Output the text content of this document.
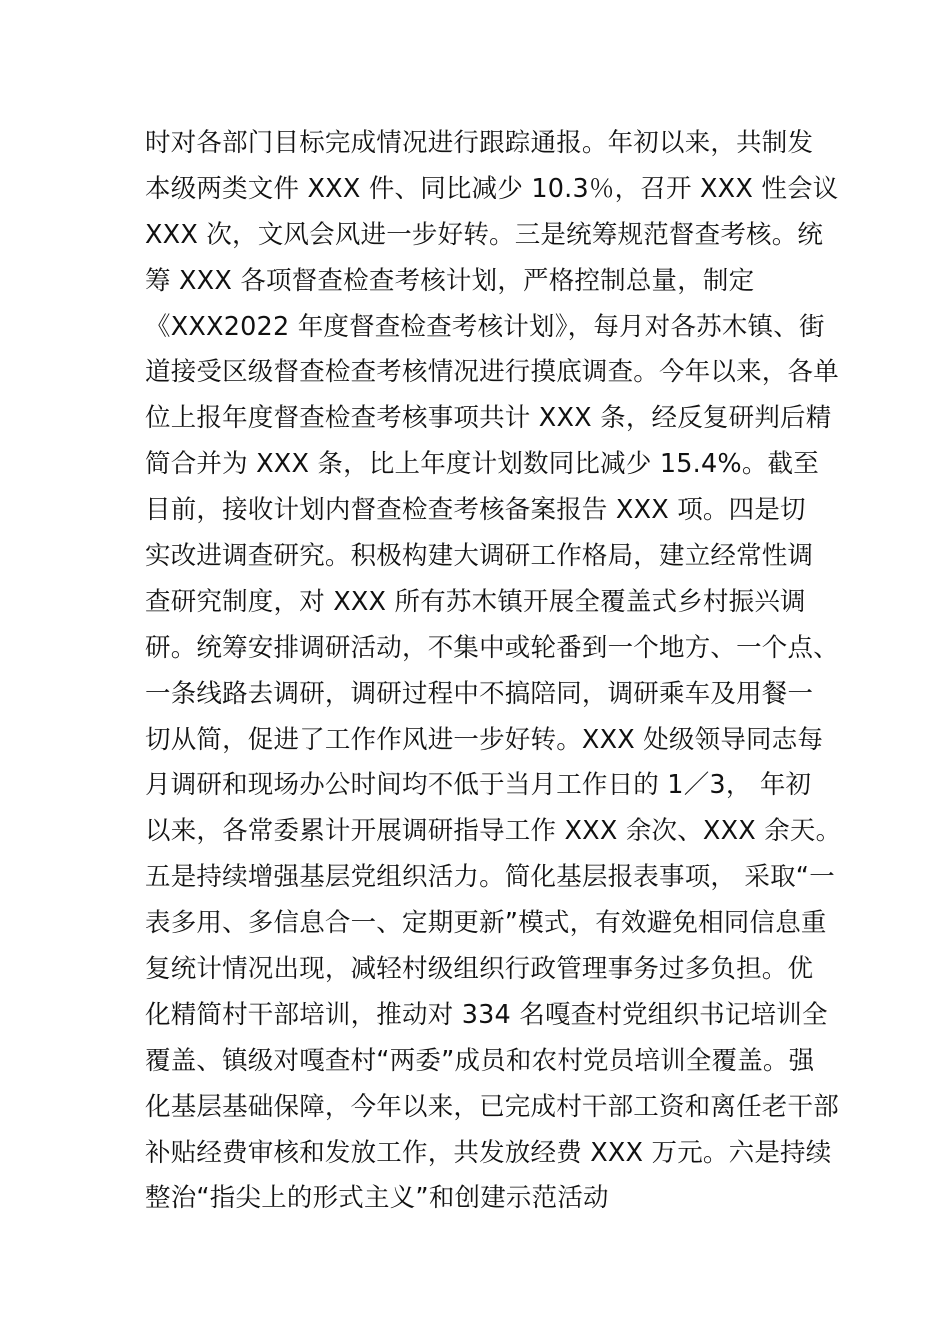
时对各部门目标完成情况进行跟踪通报。年初以来，共制发
本级两类文件 XXX 件、同比减少 10.3％，召开 XXX 性会议
XXX 次，文风会风进一步好转。三是统筹规范督查考核。统
筹 XXX 各项督查检查考核计划，严格控制总量，制定
《XXX2022 年度督查检查考核计划》，每月对各苏木镇、街
道接受区级督查检查考核情况进行摸底调查。今年以来，各单
位上报年度督查检查考核事项共计 XXX 条，经反复研判后精
简合并为 XXX 条，比上年度计划数同比减少 15.4%。截至
目前，接收计划内督查检查考核备案报告 XXX 项。四是切
实改进调查研究。积极构建大调研工作格局，建立经常性调
查研究制度，对 XXX 所有苏木镇开展全覆盖式乡村振兴调
研。统筹安排调研活动，不集中或轮番到一个地方、一个点、
一条线路去调研，调研过程中不搞陪同，调研乘车及用餐一
切从简，促进了工作作风进一步好转。XXX 处级领导同志每
月调研和现场办公时间均不低于当月工作日的 1／3， 年初
以来，各常委累计开展调研指导工作 XXX 余次、XXX 余天。
五是持续增强基层党组织活力。简化基层报表事项， 采取“一
表多用、多信息合一、定期更新”模式，有效避免相同信息重
复统计情况出现，减轻村级组织行政管理事务过多负担。优
化精简村干部培训，推动对 334 名嘎查村党组织书记培训全
覆盖、镇级对嘎查村“两委”成员和农村党员培训全覆盖。强
化基层基础保障，今年以来，已完成村干部工资和离任老干部
补贴经费审核和发放工作，共发放经费 XXX 万元。六是持续
整治“指尖上的形式主义”和创建示范活动
